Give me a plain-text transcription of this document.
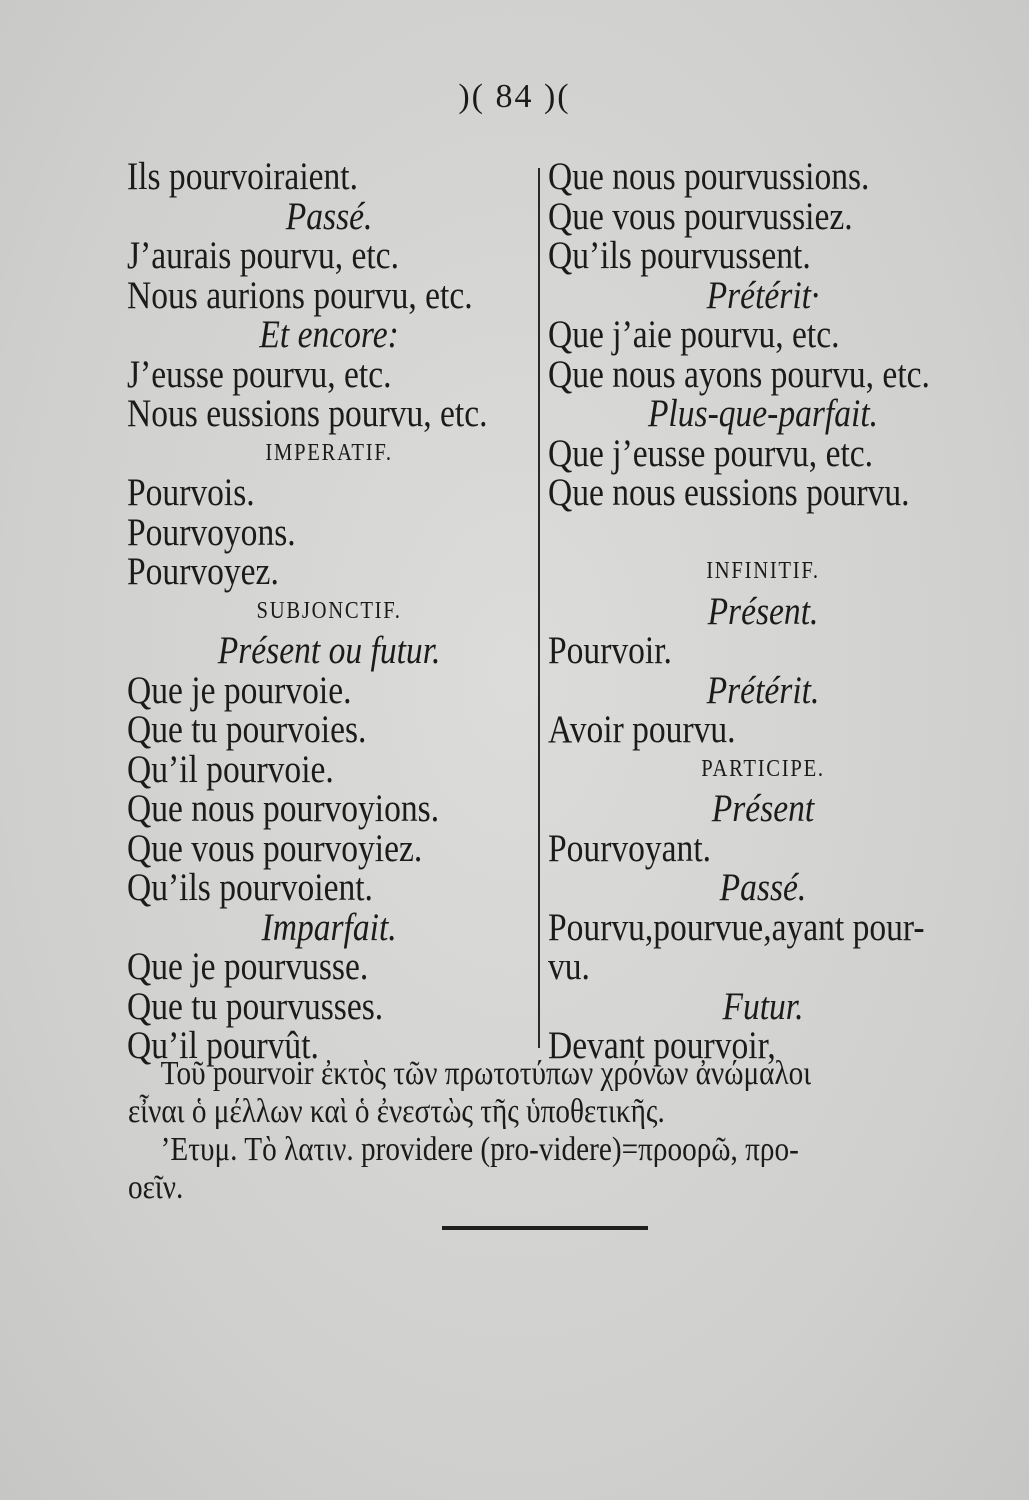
)( 84 )(
Ils pourvoiraient.
Passé.
J’aurais pourvu, etc.
Nous aurions pourvu, etc.
Et encore:
J’eusse pourvu, etc.
Nous eussions pourvu, etc.
IMPERATIF.
Pourvois.
Pourvoyons.
Pourvoyez.
SUBJONCTIF.
Présent ou futur.
Que je pourvoie.
Que tu pourvoies.
Qu’il pourvoie.
Que nous pourvoyions.
Que vous pourvoyiez.
Qu’ils pourvoient.
Imparfait.
Que je pourvusse.
Que tu pourvusses.
Qu’il pourvût.
Que nous pourvussions.
Que vous pourvussiez.
Qu’ils pourvussent.
Prétérit·
Que j’aie pourvu, etc.
Que nous ayons pourvu, etc.
Plus-que-parfait.
Que j’eusse pourvu, etc.
Que nous eussions pourvu.
INFINITIF.
Présent.
Pourvoir.
Prétérit.
Avoir pourvu.
PARTICIPE.
Présent
Pourvoyant.
Passé.
Pourvu,pourvue,ayant pour-
vu.
Futur.
Devant pourvoir,
Τοῦ pourvoir ἐκτὸς τῶν πρωτοτύπων χρόνων ἀνώμαλοι
εἶναι ὁ μέλλων καὶ ὁ ἐνεστὼς τῆς ὑποθετικῆς.
’Ετυμ. Τὸ λατιν. providere (pro-videre)=προορῶ, προ-
οεῖν.
